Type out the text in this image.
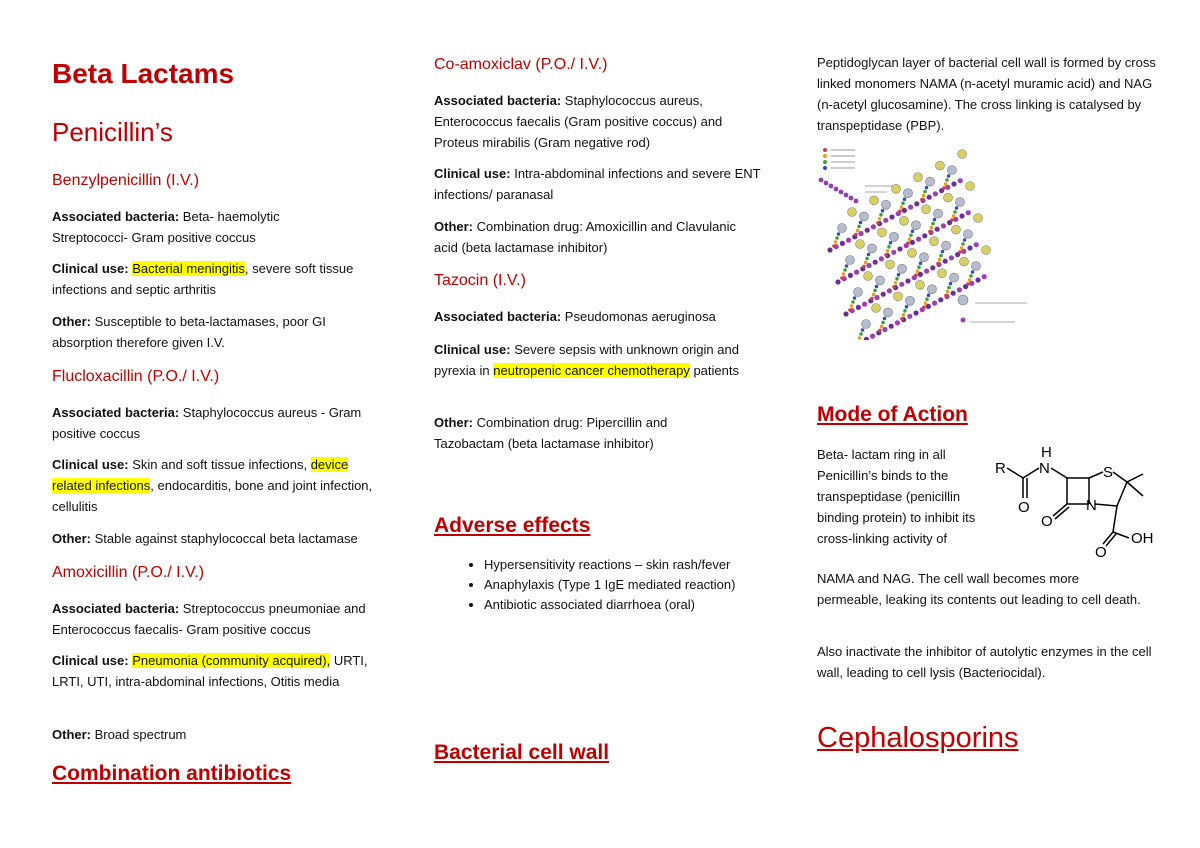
Beta Lactams
Penicillin’s
Benzylpenicillin (I.V.)
Associated bacteria: Beta- haemolytic Streptococci- Gram positive coccus
Clinical use: Bacterial meningitis, severe soft tissue infections and septic arthritis
Other: Susceptible to beta-lactamases, poor GI absorption therefore given I.V.
Flucloxacillin (P.O./ I.V.)
Associated bacteria: Staphylococcus aureus - Gram positive coccus
Clinical use: Skin and soft tissue infections, device related infections, endocarditis, bone and joint infection, cellulitis
Other: Stable against staphylococcal beta lactamase
Amoxicillin (P.O./ I.V.)
Associated bacteria: Streptococcus pneumoniae and Enterococcus faecalis- Gram positive coccus
Clinical use: Pneumonia (community acquired), URTI, LRTI, UTI, intra-abdominal infections, Otitis media
Other: Broad spectrum
Combination antibiotics
Co-amoxiclav (P.O./ I.V.)
Associated bacteria: Staphylococcus aureus, Enterococcus faecalis (Gram positive coccus) and Proteus mirabilis (Gram negative rod)
Clinical use: Intra-abdominal infections and severe ENT infections/ paranasal
Other: Combination drug: Amoxicillin and Clavulanic acid (beta lactamase inhibitor)
Tazocin (I.V.)
Associated bacteria: Pseudomonas aeruginosa
Clinical use: Severe sepsis with unknown origin and pyrexia in neutropenic cancer chemotherapy patients
Other: Combination drug: Pipercillin and Tazobactam (beta lactamase inhibitor)
Adverse effects
• Hypersensitivity reactions – skin rash/fever
• Anaphylaxis (Type 1 IgE mediated reaction)
• Antibiotic associated diarrhoea (oral)
Bacterial cell wall
Peptidoglycan layer of bacterial cell wall is formed by cross linked monomers NAMA (n-acetyl muramic acid) and NAG (n-acetyl glucosamine). The cross linking is catalysed by transpeptidase (PBP).
Mode of Action
Beta- lactam ring in all Penicillin’s binds to the transpeptidase (penicillin binding protein) to inhibit its cross-linking activity of
NAMA and NAG. The cell wall becomes more permeable, leaking its contents out leading to cell death.
Also inactivate the inhibitor of autolytic enzymes in the cell wall, leading to cell lysis (Bacteriocidal).
R
H
N	S
N
O
O
O
OH
Cephalosporins
